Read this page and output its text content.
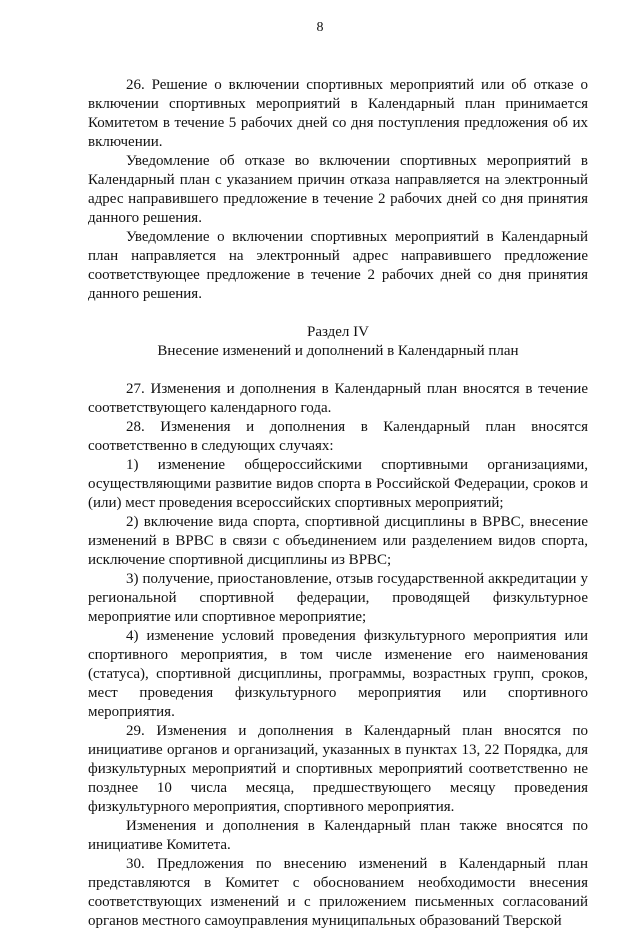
8

26. Решение о включении спортивных мероприятий или об отказе о включении спортивных мероприятий в Календарный план принимается Комитетом в течение 5 рабочих дней со дня поступления предложения об их включении.

Уведомление об отказе во включении спортивных мероприятий в Календарный план с указанием причин отказа направляется на электронный адрес направившего предложение в течение 2 рабочих дней со дня принятия данного решения.

Уведомление о включении спортивных мероприятий в Календарный план направляется на электронный адрес направившего предложение соответствующее предложение в течение 2 рабочих дней со дня принятия данного решения.

Раздел IV
Внесение изменений и дополнений в Календарный план

27. Изменения и дополнения в Календарный план вносятся в течение соответствующего календарного года.

28. Изменения и дополнения в Календарный план вносятся соответственно в следующих случаях:

1) изменение общероссийскими спортивными организациями, осуществляющими развитие видов спорта в Российской Федерации, сроков и (или) мест проведения всероссийских спортивных мероприятий;

2) включение вида спорта, спортивной дисциплины в ВРВС, внесение изменений в ВРВС в связи с объединением или разделением видов спорта, исключение спортивной дисциплины из ВРВС;

3) получение, приостановление, отзыв государственной аккредитации у региональной спортивной федерации, проводящей физкультурное мероприятие или спортивное мероприятие;

4) изменение условий проведения физкультурного мероприятия или спортивного мероприятия, в том числе изменение его наименования (статуса), спортивной дисциплины, программы, возрастных групп, сроков, мест проведения физкультурного мероприятия или спортивного мероприятия.

29. Изменения и дополнения в Календарный план вносятся по инициативе органов и организаций, указанных в пунктах 13, 22 Порядка, для физкультурных мероприятий и спортивных мероприятий соответственно не позднее 10 числа месяца, предшествующего месяцу проведения физкультурного мероприятия, спортивного мероприятия.

Изменения и дополнения в Календарный план также вносятся по инициативе Комитета.

30. Предложения по внесению изменений в Календарный план представляются в Комитет с обоснованием необходимости внесения соответствующих изменений и с приложением письменных согласований органов местного самоуправления муниципальных образований Тверской
